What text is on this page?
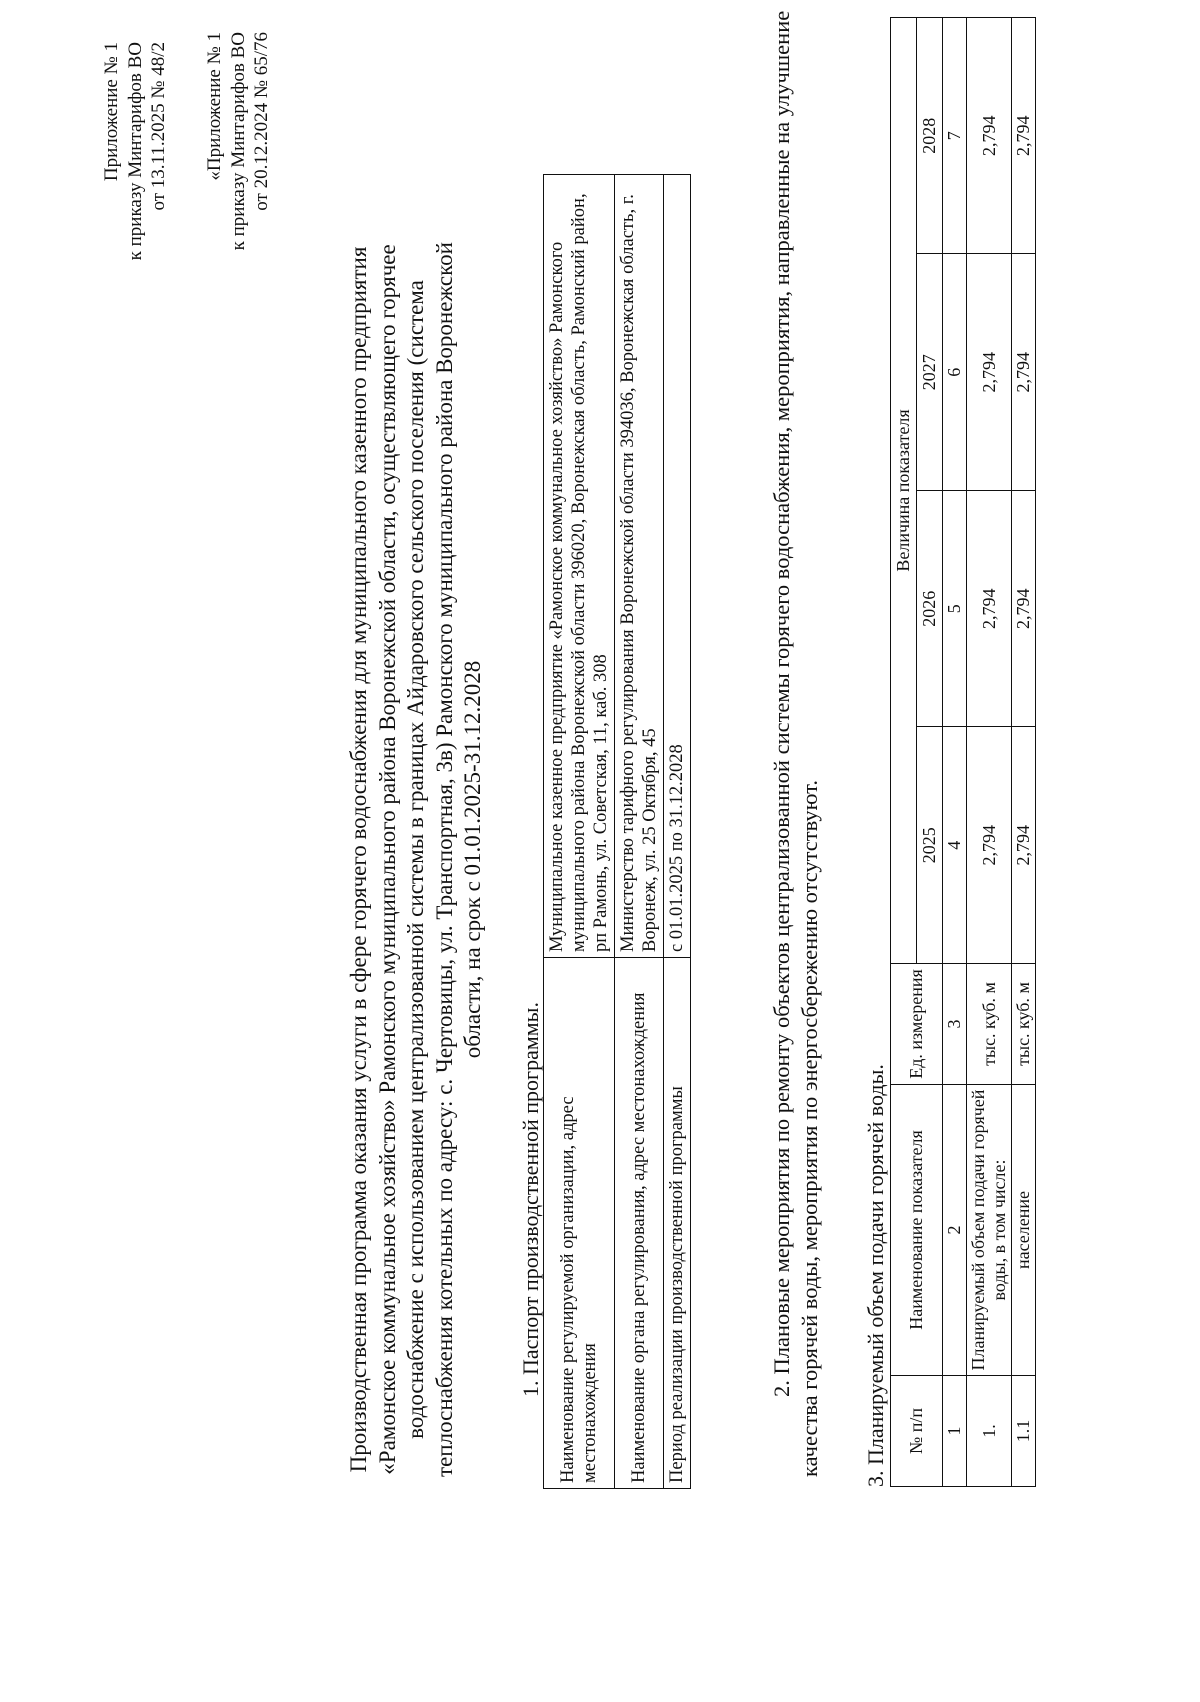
Приложение № 1 к приказу Минтарифов ВО от 13.11.2025 № 48/2 «Приложение № 1 к приказу Минтарифов ВО от 20.12.2024 № 65/76

Производственная программа оказания услуги в сфере горячего водоснабжения для муниципального казенного предприятия «Рамонское коммунальное хозяйство» Рамонского муниципального района Воронежской области, осуществляющего горячее водоснабжение с использованием централизованной системы в границах Айдаровского сельского поселения (система теплоснабжения котельных по адресу: с. Чертовицы, ул. Транспортная, 3в) Рамонского муниципального района Воронежской области, на срок с 01.01.2025-31.12.2028

1. Паспорт производственной программы. Наименование регулируемой организации, адрес местонахождения	Муниципальное казенное предприятие «Рамонское коммунальное хозяйство» Рамонского муниципального района Воронежской области 396020, Воронежская область, Рамонский район, рп Рамонь, ул. Советская, 11, каб. 308
Наименование органа регулирования, адрес местонахождения	Министерство тарифного регулирования Воронежской области 394036, Воронежская область, г. Воронеж, ул. 25 Октября, 45
Период реализации производственной программы	с 01.01.2025 по 31.12.2028	2. Плановые мероприятия по ремонту объектов централизованной системы горячего водоснабжения, мероприятия, направленные на улучшение качества горячей воды, мероприятия по энергосбережению отсутствуют. 3. Планируемый объем подачи горячей воды. № п/п	Наименование показателя	Ед. измерения	Величина показателя			
			2025	2026	2027	2028
1	2	3	4	5	6	7
1.	Планируемый объем подачи горячей воды, в том числе:	тыс. куб. м	2,794	2,794	2,794	2,794
1.1	население	тыс. куб. м	2,794	2,794	2,794	2,794
